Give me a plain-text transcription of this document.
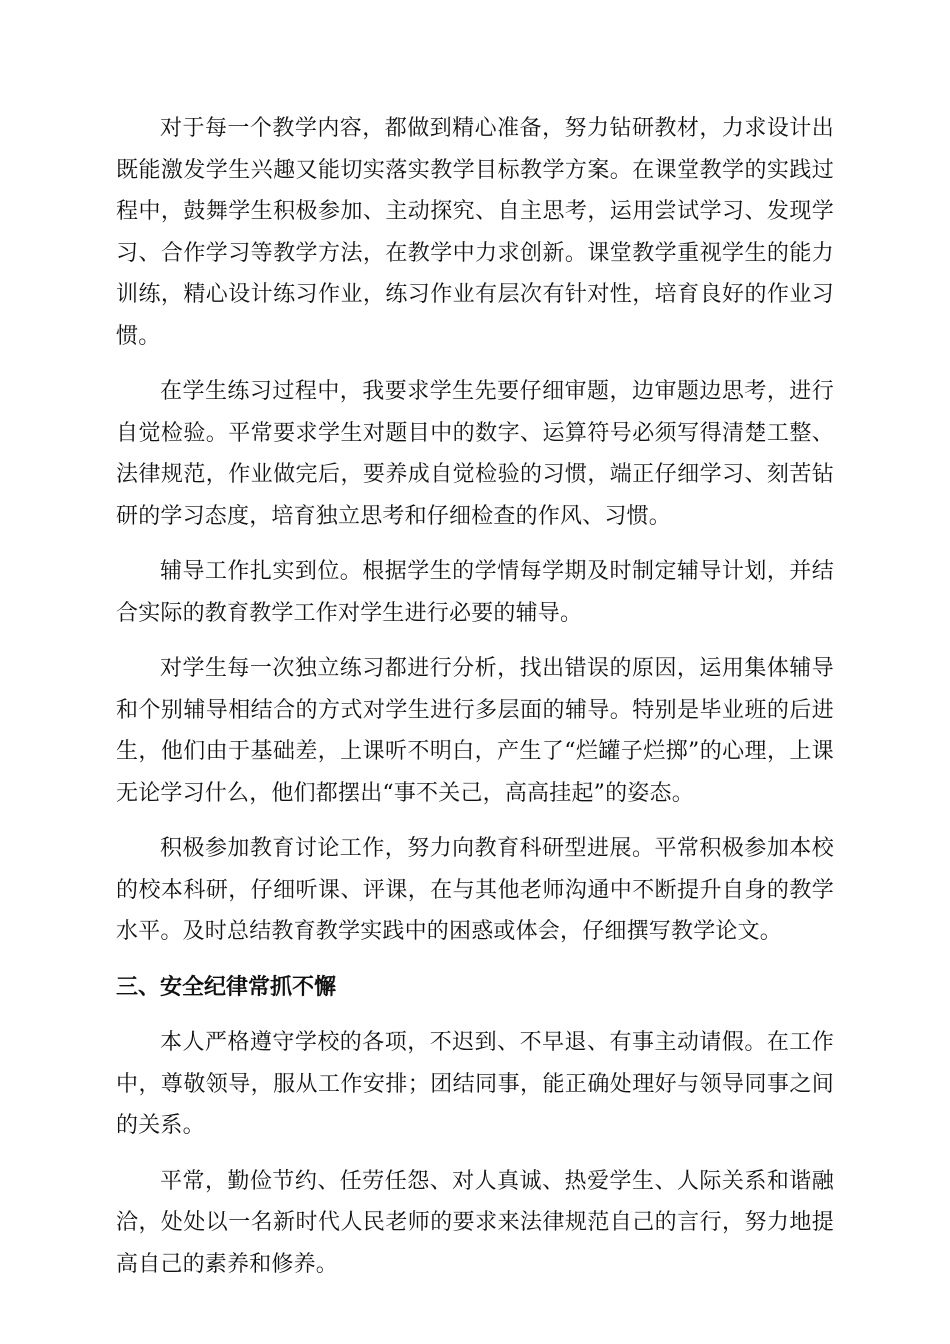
对于每一个教学内容，都做到精心准备，努力钻研教材，力求设计出既能激发学生兴趣又能切实落实教学目标教学方案。在课堂教学的实践过程中，鼓舞学生积极参加、主动探究、自主思考，运用尝试学习、发现学习、合作学习等教学方法，在教学中力求创新。课堂教学重视学生的能力训练，精心设计练习作业，练习作业有层次有针对性，培育良好的作业习惯。

在学生练习过程中，我要求学生先要仔细审题，边审题边思考，进行自觉检验。平常要求学生对题目中的数字、运算符号必须写得清楚工整、法律规范，作业做完后，要养成自觉检验的习惯，端正仔细学习、刻苦钻研的学习态度，培育独立思考和仔细检查的作风、习惯。

辅导工作扎实到位。根据学生的学情每学期及时制定辅导计划，并结合实际的教育教学工作对学生进行必要的辅导。

对学生每一次独立练习都进行分析，找出错误的原因，运用集体辅导和个别辅导相结合的方式对学生进行多层面的辅导。特别是毕业班的后进生，他们由于基础差，上课听不明白，产生了“烂罐子烂掷”的心理，上课无论学习什么，他们都摆出“事不关己，高高挂起”的姿态。

积极参加教育讨论工作，努力向教育科研型进展。平常积极参加本校的校本科研，仔细听课、评课，在与其他老师沟通中不断提升自身的教学水平。及时总结教育教学实践中的困惑或体会，仔细撰写教学论文。

三、安全纪律常抓不懈

本人严格遵守学校的各项，不迟到、不早退、有事主动请假。在工作中，尊敬领导，服从工作安排；团结同事，能正确处理好与领导同事之间的关系。

平常，勤俭节约、任劳任怨、对人真诚、热爱学生、人际关系和谐融洽，处处以一名新时代人民老师的要求来法律规范自己的言行，努力地提高自己的素养和修养。
